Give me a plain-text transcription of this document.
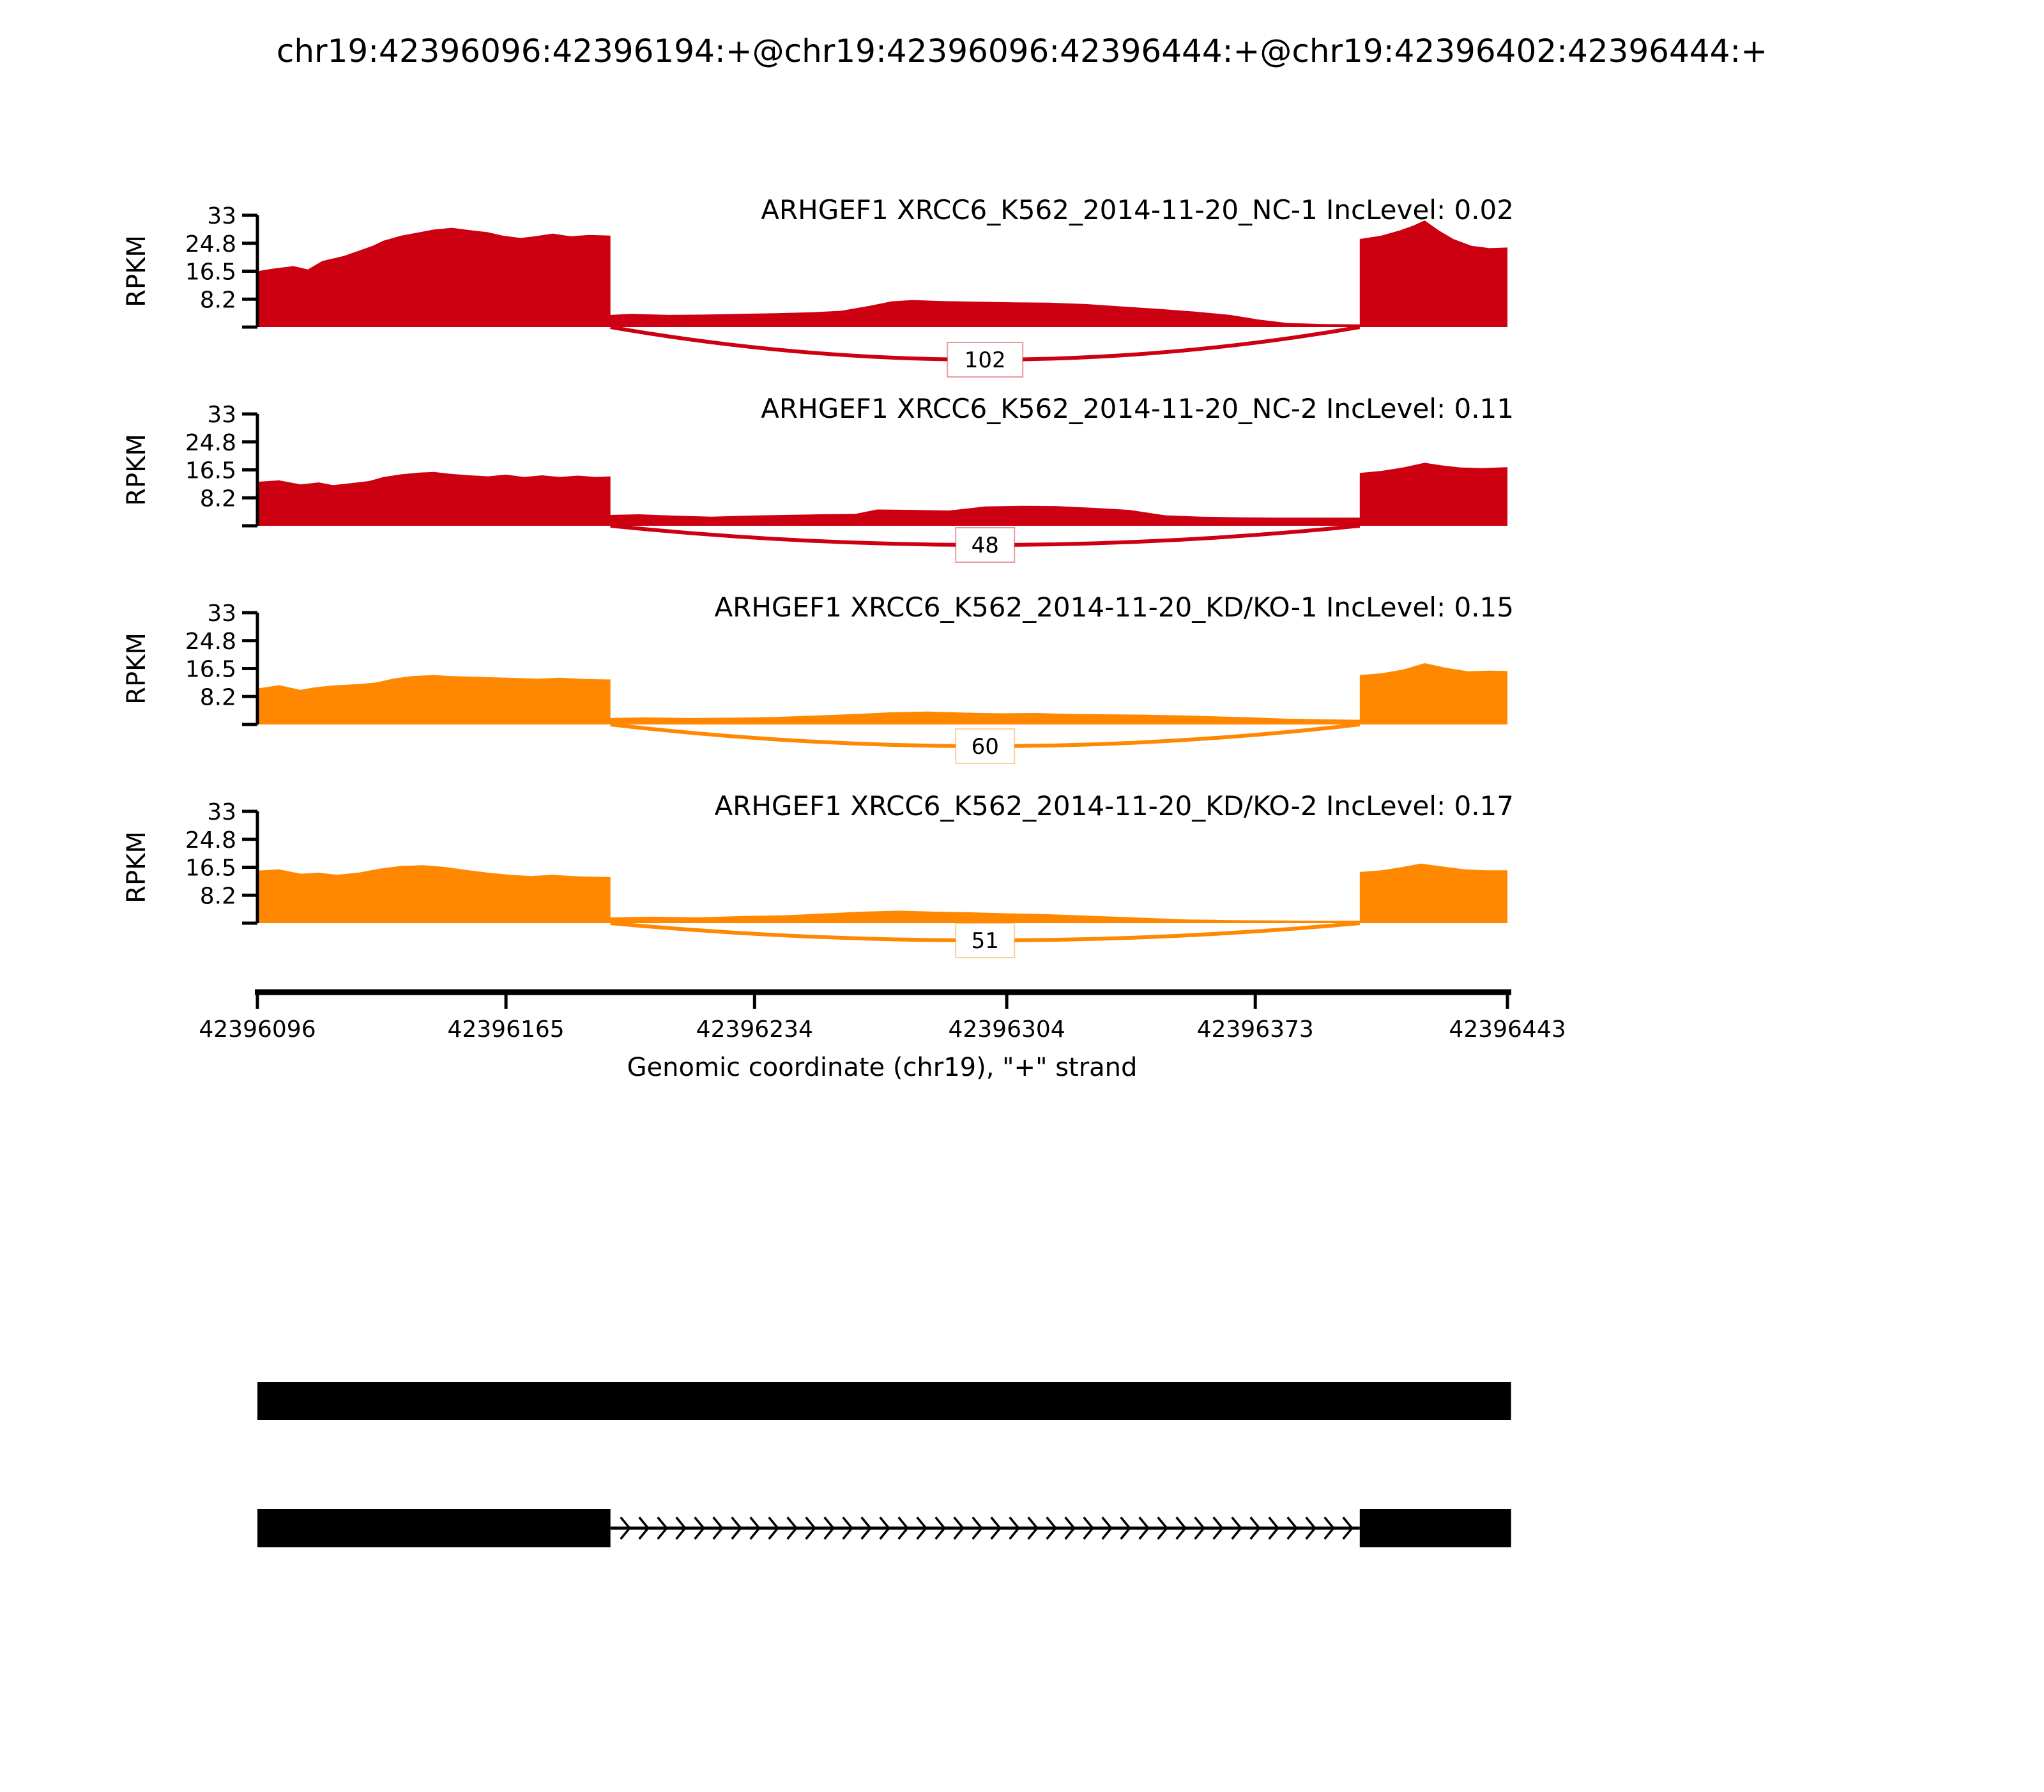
chr19:42396096:42396194:+@chr19:42396096:42396444:+@chr19:42396402:42396444:+
102
8.2
16.5
24.8
33
RPKM
ARHGEF1 XRCC6_K562_2014-11-20_NC-1 IncLevel: 0.02
48
8.2
16.5
24.8
33
RPKM
ARHGEF1 XRCC6_K562_2014-11-20_NC-2 IncLevel: 0.11
60
8.2
16.5
24.8
33
RPKM
ARHGEF1 XRCC6_K562_2014-11-20_KD/KO-1 IncLevel: 0.15
51
8.2
16.5
24.8
33
RPKM
ARHGEF1 XRCC6_K562_2014-11-20_KD/KO-2 IncLevel: 0.17
Genomic coordinate (chr19), "+" strand
42396096	42396165	42396234	42396304	42396373	42396443
